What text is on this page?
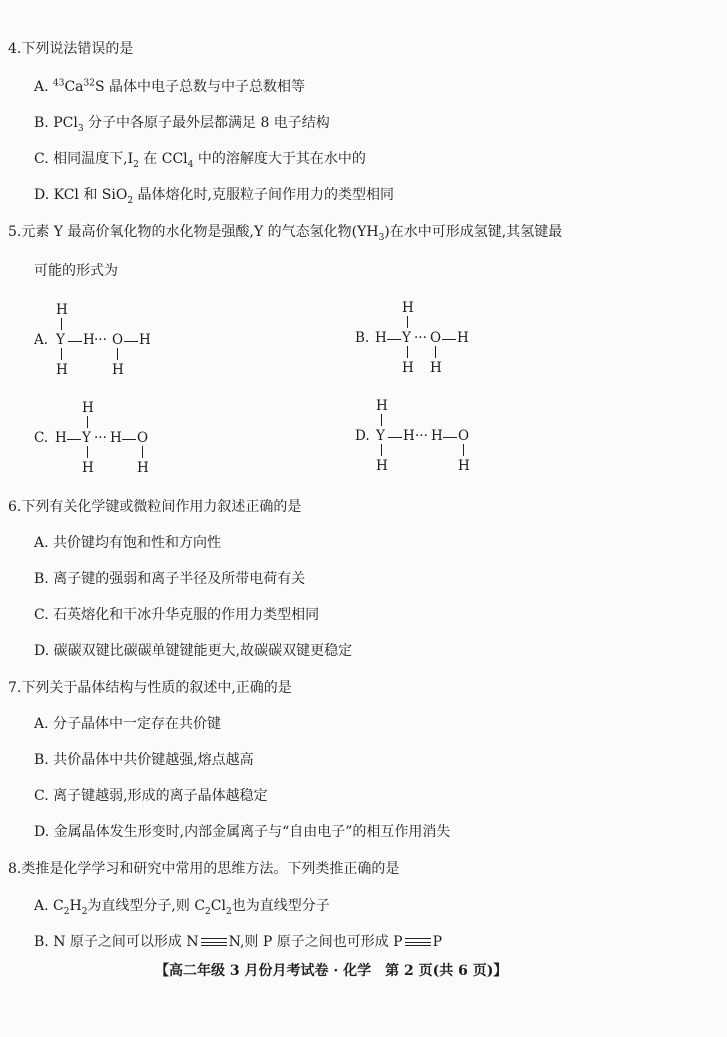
4.下列说法错误的是
A. $^{43}$Ca$^{32}$S 晶体中电子总数与中子总数相等
B. PCl$_3$ 分子中各原子最外层都满足 8 电子结构
C. 相同温度下$,I_2$ 在 CCl$_4$ 中的溶解度大于其在水中的
D. KCl 和 SiO$_2$ 晶体熔化时,克服粒子间作用力的类型相同
5.元素 Y 最高价氧化物的水化物是强酸,Y 的气态氢化物$(YH_3)$在水中可形成氢键,其氢键最
可能的形式为
A.
H
Y H ··· O H
H	H
B. H
H
Y ··· O H
H H
C. H
H
Y ··· H O
H	H
D.
H
Y H ··· H O
H	H
6.下列有关化学键或微粒间作用力叙述正确的是
A. 共价键均有饱和性和方向性
B. 离子键的强弱和离子半径及所带电荷有关
C. 石英熔化和干冰升华克服的作用力类型相同
D. 碳碳双键比碳碳单键键能更大,故碳碳双键更稳定
7.下列关于晶体结构与性质的叙述中,正确的是
A. 分子晶体中一定存在共价键
B. 共价晶体中共价键越强,熔点越高
C. 离子键越弱,形成的离子晶体越稳定
D. 金属晶体发生形变时,内部金属离子与“自由电子”的相互作用消失
8.类推是化学学习和研究中常用的思维方法。下列类推正确的是
A. $C_2H_2$为直线型分子,则 $C_2Cl_2$也为直线型分子
B. N 原子之间可以形成 N N,则 P 原子之间也可形成 P P
【高二年级 3 月份月考试卷 · 化学　第 2 页(共 6 页)】
